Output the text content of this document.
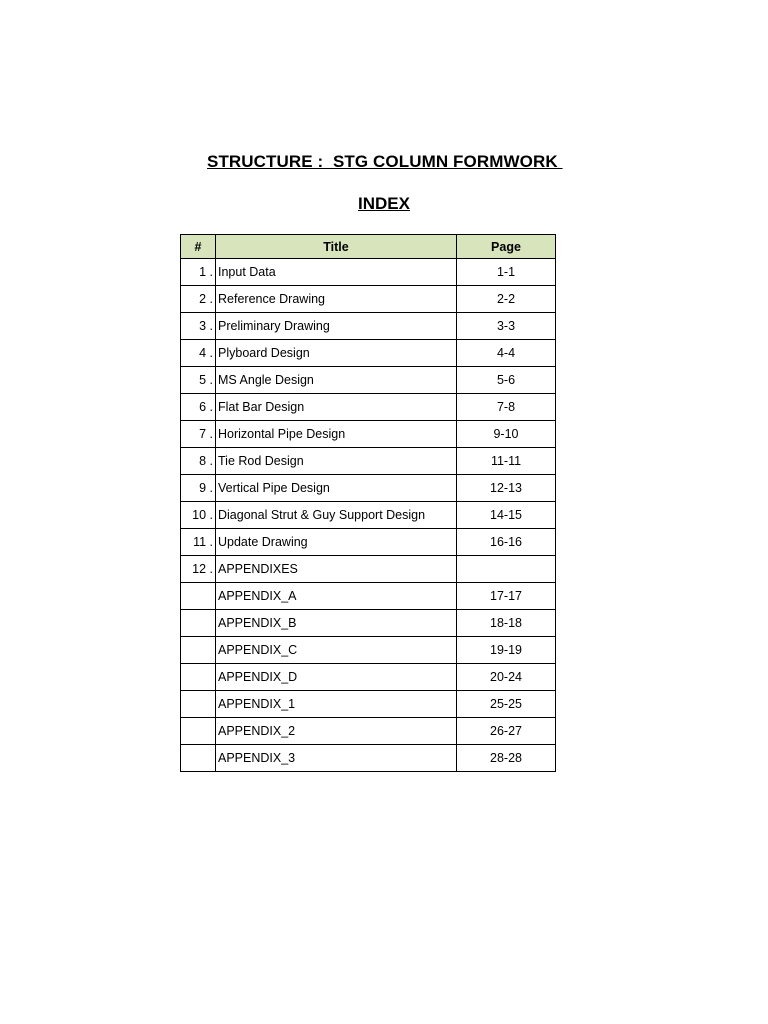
STRUCTURE :  STG COLUMN FORMWORK
INDEX
#	Title	Page
1 .	Input Data	1-1
2 .	Reference Drawing	2-2
3 .	Preliminary Drawing	3-3
4 .	Plyboard Design	4-4
5 .	MS Angle Design	5-6
6 .	Flat Bar Design	7-8
7 .	Horizontal Pipe Design	9-10
8 .	Tie Rod Design	11-11
9 .	Vertical Pipe Design	12-13
10 .	Diagonal Strut & Guy Support Design	14-15
11 .	Update Drawing	16-16
12 .	APPENDIXES	
	APPENDIX_A	17-17
	APPENDIX_B	18-18
	APPENDIX_C	19-19
	APPENDIX_D	20-24
	APPENDIX_1	25-25
	APPENDIX_2	26-27
	APPENDIX_3	28-28
